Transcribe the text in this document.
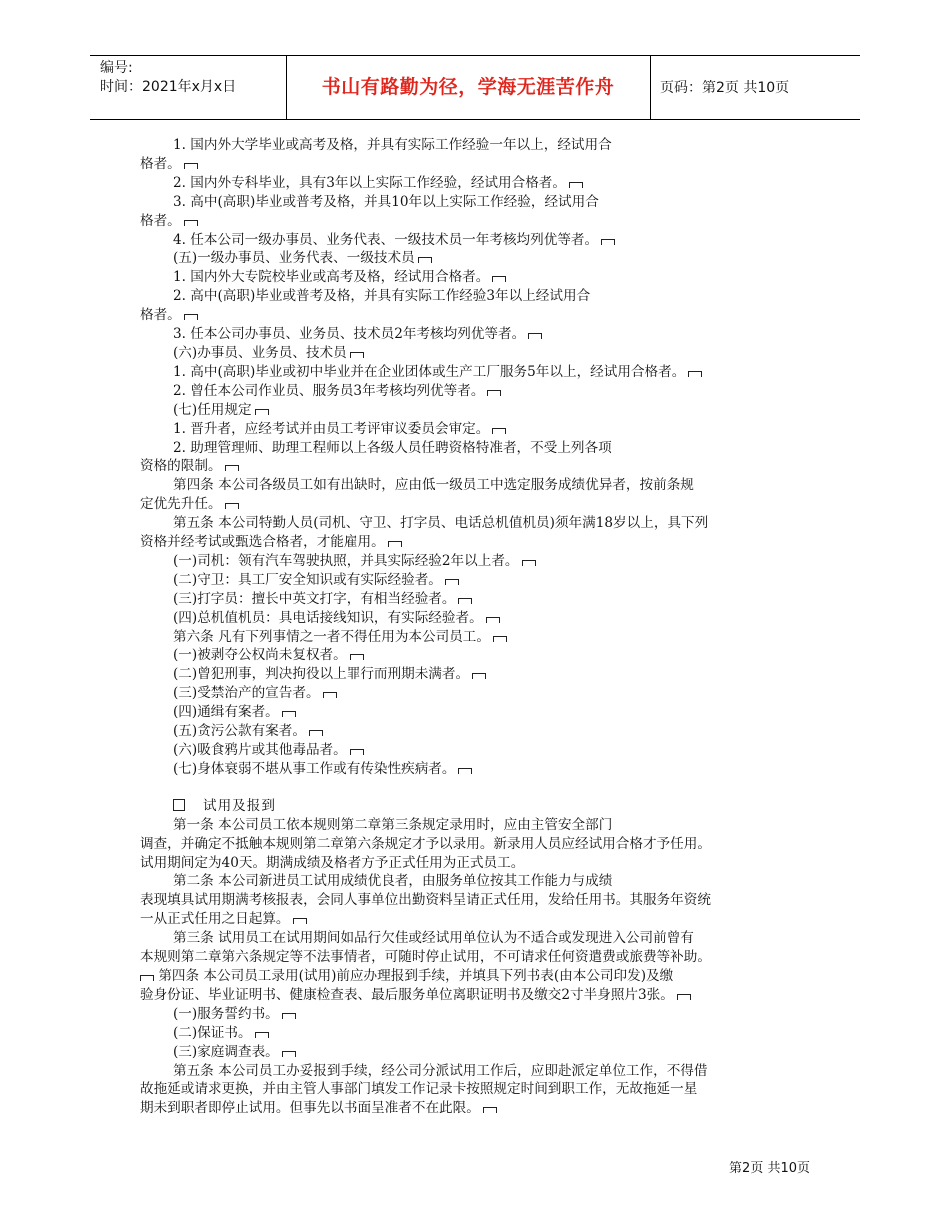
编号:
时间：2021年x月x日	书山有路勤为径，学海无涯苦作舟	页码：第2页 共10页
1. 国内外大学毕业或高考及格，并具有实际工作经验一年以上，经试用合
格者。
2. 国内外专科毕业，具有3年以上实际工作经验，经试用合格者。
3. 高中(高职)毕业或普考及格，并具10年以上实际工作经验，经试用合
格者。
4. 任本公司一级办事员、业务代表、一级技术员一年考核均列优等者。
(五)一级办事员、业务代表、一级技术员
1. 国内外大专院校毕业或高考及格，经试用合格者。
2. 高中(高职)毕业或普考及格，并具有实际工作经验3年以上经试用合
格者。
3. 任本公司办事员、业务员、技术员2年考核均列优等者。
(六)办事员、业务员、技术员
1. 高中(高职)毕业或初中毕业并在企业团体或生产工厂服务5年以上，经试用合格者。
2. 曾任本公司作业员、服务员3年考核均列优等者。
(七)任用规定
1. 晋升者，应经考试并由员工考评审议委员会审定。
2. 助理管理师、助理工程师以上各级人员任聘资格特准者，不受上列各项
资格的限制。
第四条 本公司各级员工如有出缺时，应由低一级员工中选定服务成绩优异者，按前条规
定优先升任。
第五条 本公司特勤人员(司机、守卫、打字员、电话总机值机员)须年满18岁以上，具下列
资格并经考试或甄选合格者，才能雇用。
(一)司机：领有汽车驾驶执照，并具实际经验2年以上者。
(二)守卫：具工厂安全知识或有实际经验者。
(三)打字员：擅长中英文打字，有相当经验者。
(四)总机值机员：具电话接线知识，有实际经验者。
第六条 凡有下列事情之一者不得任用为本公司员工。
(一)被剥夺公权尚未复权者。
(二)曾犯刑事，判决拘役以上罪行而刑期未满者。
(三)受禁治产的宣告者。
(四)通缉有案者。
(五)贪污公款有案者。
(六)吸食鸦片或其他毒品者。
(七)身体衰弱不堪从事工作或有传染性疾病者。
试用及报到
第一条 本公司员工依本规则第二章第三条规定录用时，应由主管安全部门
调查，并确定不抵触本规则第二章第六条规定才予以录用。新录用人员应经试用合格才予任用。
试用期间定为40天。期满成绩及格者方予正式任用为正式员工。
第二条 本公司新进员工试用成绩优良者，由服务单位按其工作能力与成绩
表现填具试用期满考核报表，会同人事单位出勤资料呈请正式任用，发给任用书。其服务年资统
一从正式任用之日起算。
第三条 试用员工在试用期间如品行欠佳或经试用单位认为不适合或发现进入公司前曾有
本规则第二章第六条规定等不法事情者，可随时停止试用，不可请求任何资遣费或旅费等补助。
第四条 本公司员工录用(试用)前应办理报到手续，并填具下列书表(由本公司印发)及缴
验身份证、毕业证明书、健康检查表、最后服务单位离职证明书及缴交2寸半身照片3张。
(一)服务誓约书。
(二)保证书。
(三)家庭调查表。
第五条 本公司员工办妥报到手续，经公司分派试用工作后，应即赴派定单位工作，不得借
故拖延或请求更换，并由主管人事部门填发工作记录卡按照规定时间到职工作，无故拖延一星
期未到职者即停止试用。但事先以书面呈准者不在此限。
第2页 共10页
